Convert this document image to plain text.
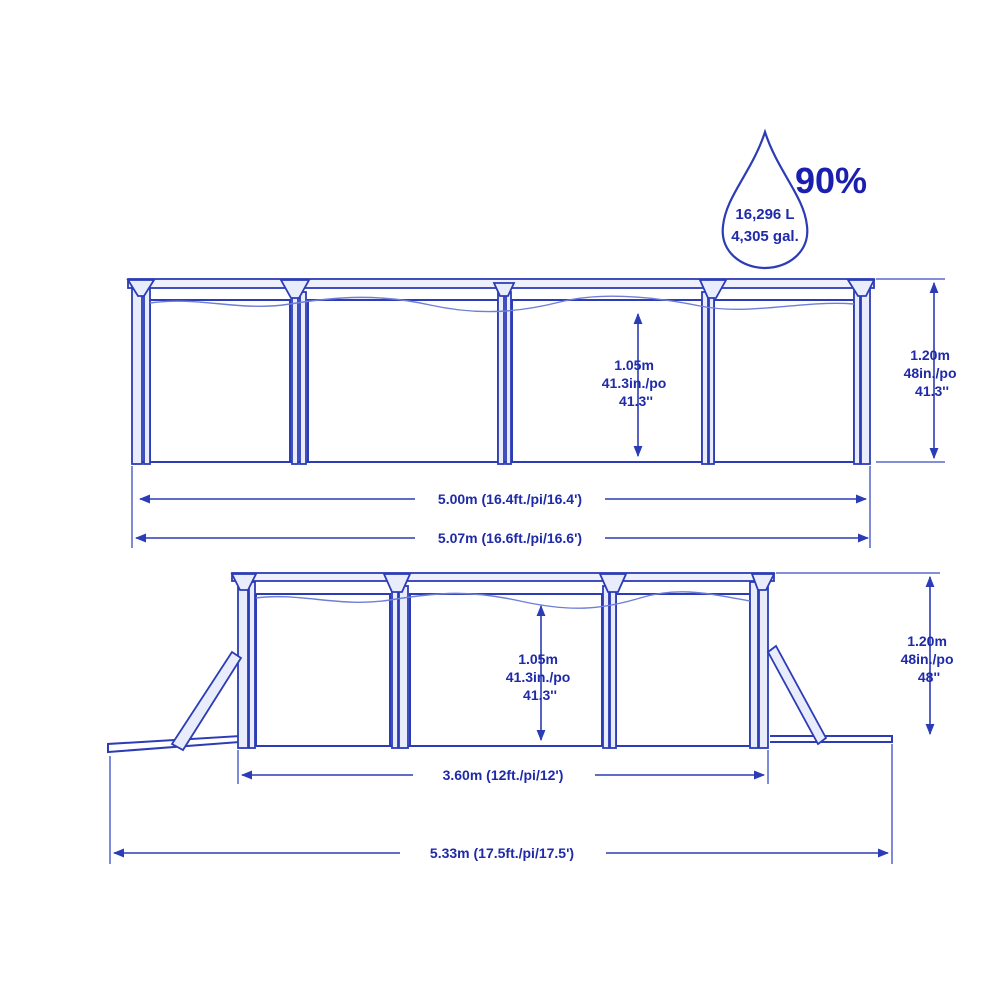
90%
16,296 L
4,305 gal.
1.05m 41.3in./po 41.3''
1.20m 48in./po 41.3''
5.00m (16.4ft./pi/16.4')
5.07m (16.6ft./pi/16.6')
1.05m 41.3in./po 41.3''
1.20m 48in./po 48''
3.60m (12ft./pi/12')
5.33m (17.5ft./pi/17.5')
